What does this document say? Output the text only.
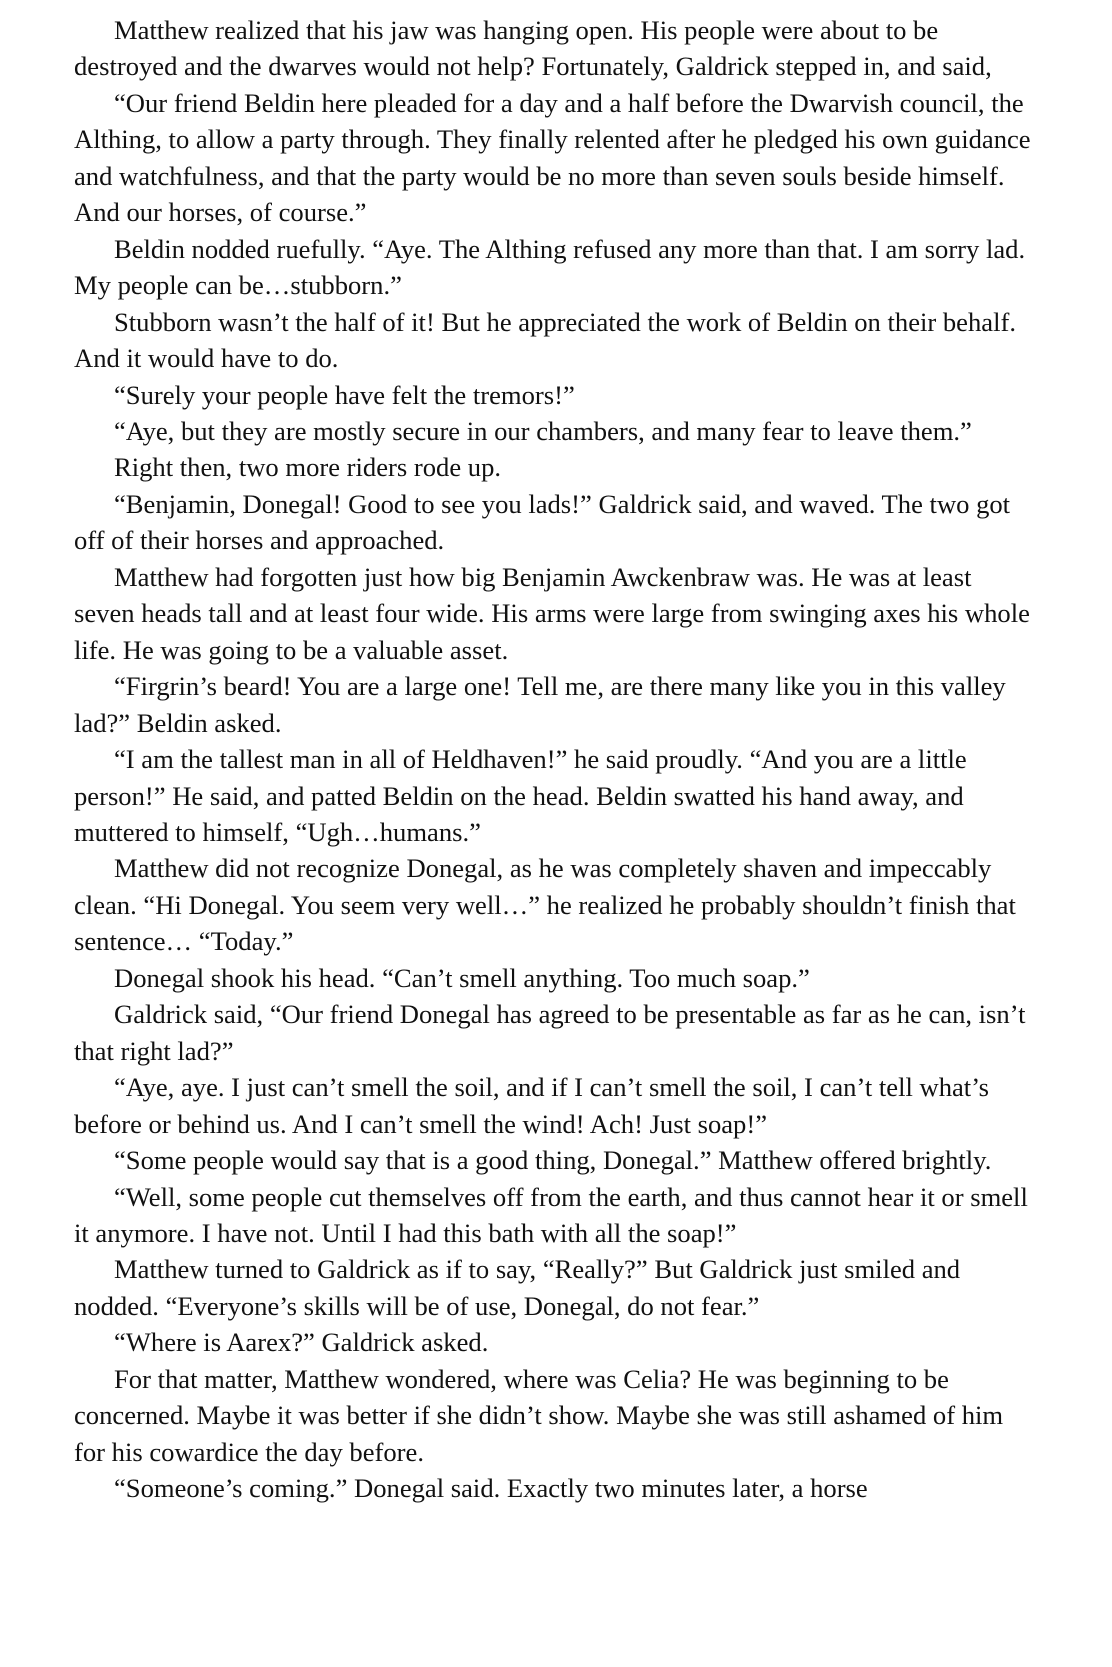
Matthew realized that his jaw was hanging open. His people were about to be destroyed and the dwarves would not help? Fortunately, Galdrick stepped in, and said,

“Our friend Beldin here pleaded for a day and a half before the Dwarvish council, the Althing, to allow a party through. They finally relented after he pledged his own guidance and watchfulness, and that the party would be no more than seven souls beside himself. And our horses, of course.”

Beldin nodded ruefully. “Aye. The Althing refused any more than that. I am sorry lad. My people can be…stubborn.”

Stubborn wasn’t the half of it! But he appreciated the work of Beldin on their behalf. And it would have to do.

“Surely your people have felt the tremors!”

“Aye, but they are mostly secure in our chambers, and many fear to leave them.”

Right then, two more riders rode up.

“Benjamin, Donegal! Good to see you lads!” Galdrick said, and waved. The two got off of their horses and approached.

Matthew had forgotten just how big Benjamin Awckenbraw was. He was at least seven heads tall and at least four wide. His arms were large from swinging axes his whole life. He was going to be a valuable asset.

“Firgrin’s beard! You are a large one! Tell me, are there many like you in this valley lad?” Beldin asked.

“I am the tallest man in all of Heldhaven!” he said proudly. “And you are a little person!” He said, and patted Beldin on the head. Beldin swatted his hand away, and muttered to himself, “Ugh…humans.”

Matthew did not recognize Donegal, as he was completely shaven and impeccably clean. “Hi Donegal. You seem very well…” he realized he probably shouldn’t finish that sentence… “Today.”

Donegal shook his head. “Can’t smell anything. Too much soap.”

Galdrick said, “Our friend Donegal has agreed to be presentable as far as he can, isn’t that right lad?”

“Aye, aye. I just can’t smell the soil, and if I can’t smell the soil, I can’t tell what’s before or behind us. And I can’t smell the wind! Ach! Just soap!”

“Some people would say that is a good thing, Donegal.” Matthew offered brightly.

“Well, some people cut themselves off from the earth, and thus cannot hear it or smell it anymore. I have not. Until I had this bath with all the soap!”

Matthew turned to Galdrick as if to say, “Really?” But Galdrick just smiled and nodded. “Everyone’s skills will be of use, Donegal, do not fear.”

“Where is Aarex?” Galdrick asked.

For that matter, Matthew wondered, where was Celia? He was beginning to be concerned. Maybe it was better if she didn’t show. Maybe she was still ashamed of him for his cowardice the day before.

“Someone’s coming.” Donegal said. Exactly two minutes later, a horse
